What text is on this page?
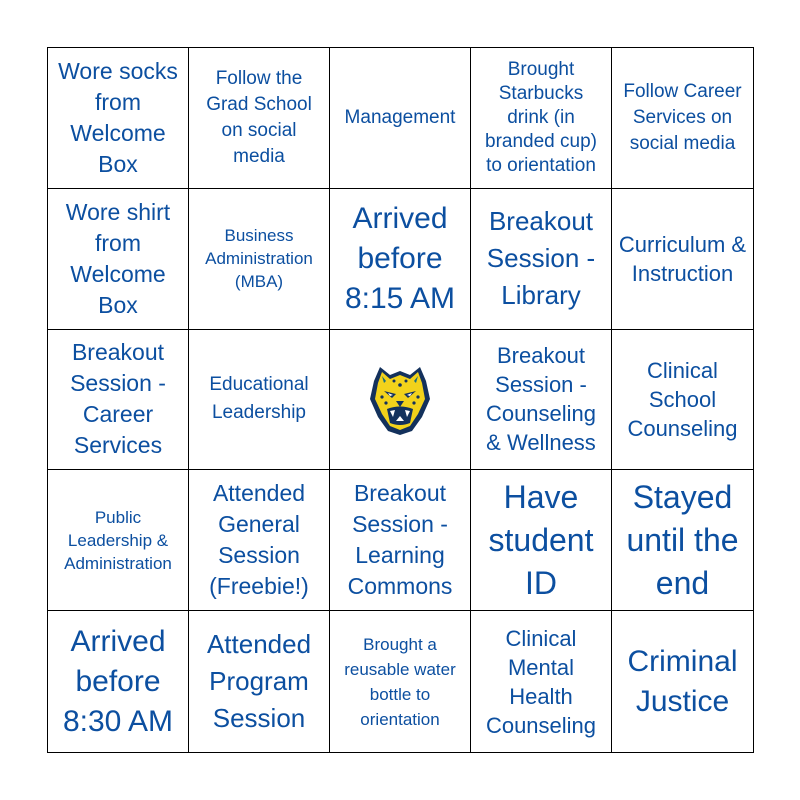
Wore socks from Welcome Box
Follow the Grad School on social media
Management
Brought Starbucks drink (in branded cup) to orientation
Follow Career Services on social media
Wore shirt from Welcome Box
Business Administration (MBA)
Arrived before 8:15 AM
Breakout Session - Library
Curriculum & Instruction
Breakout Session - Career Services
Educational Leadership
Breakout Session - Counseling & Wellness
Clinical School Counseling
Public Leadership & Administration
Attended General Session (Freebie!)
Breakout Session - Learning Commons
Have student ID
Stayed until the end
Arrived before 8:30 AM
Attended Program Session
Brought a reusable water bottle to orientation
Clinical Mental Health Counseling
Criminal Justice
